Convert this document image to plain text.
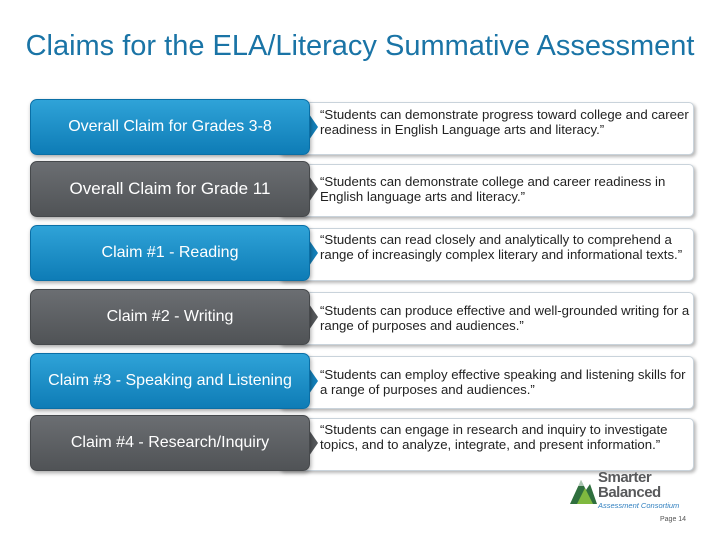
Claims for the ELA/Literacy Summative Assessment
“Students can demonstrate progress toward college and career readiness in English Language arts and literacy.”
Overall Claim for Grades 3-8
“Students can demonstrate college and career readiness in English language arts and literacy.”
Overall Claim for Grade 11
“Students can read closely and analytically to comprehend a range of increasingly complex literary and informational texts.”
Claim #1 - Reading
“Students can produce effective and well-grounded writing for a range of purposes and audiences.”
Claim #2 - Writing
“Students can employ effective speaking and listening skills for a range of purposes and audiences.”
Claim #3 - Speaking and Listening
“Students can engage in research and inquiry to investigate topics, and to analyze, integrate, and present information.”
Claim #4 - Research/Inquiry
Smarter
Balanced
Assessment Consortium
Page 14
